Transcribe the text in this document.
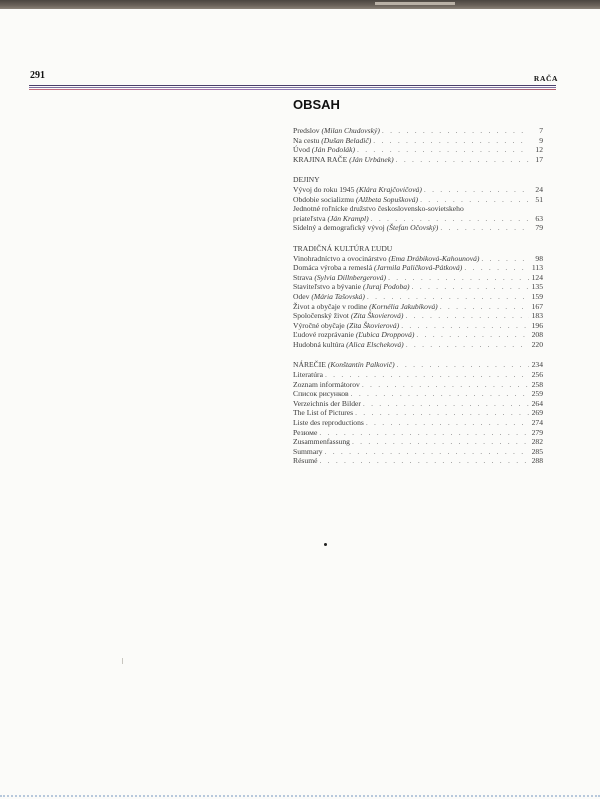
291	RAČA
OBSAH
Predslov (Milan Chudovský) . . .	7
Na cestu (Dušan Beladič) . . .	9
Úvod (Ján Podolák) . . .	12
KRAJINA RAČE (Ján Urbánek) . . .	17
DEJINY
Vývoj do roku 1945 (Klára Krajčovičová) . . .	24
Obdobie socializmu (Alžbeta Sopušková) . . .	51
Jednotné roľnícke družstvo československo-sovietskeho
priateľstva (Ján Krampl) . . .	63
Sídelný a demografický vývoj (Štefan Očovský) . . .	79
TRADIČNÁ KULTÚRA ĽUDU
Vinohradníctvo a ovocinárstvo (Ema Drábiková-Kahounová) . . .	98
Domáca výroba a remeslá (Jarmila Paličková-Pátková) . . .	113
Strava (Sylvia Dillnbergerová) . . .	124
Staviteľstvo a bývanie (Juraj Podoba) . . .	135
Odev (Mária Tašovská) . . .	159
Život a obyčaje v rodine (Kornélia Jakubíková) . . .	167
Spoločenský život (Zita Škovierová) . . .	183
Výročné obyčaje (Zita Škovierová) . . .	196
Ľudové rozprávanie (Ľubica Droppová) . . .	208
Hudobná kultúra (Alica Elscheková) . . .	220
NÁREČIE (Konštantín Palkovič) . . .	234
Literatúra . . .	256
Zoznam informátorov . . .	258
Список рисунков . . .	259
Verzeichnis der Bilder . . .	264
The List of Pictures . . .	269
Liste des reproductions . . .	274
Резюме . . .	279
Zusammenfassung . . .	282
Summary . . .	285
Résumé . . .	288
